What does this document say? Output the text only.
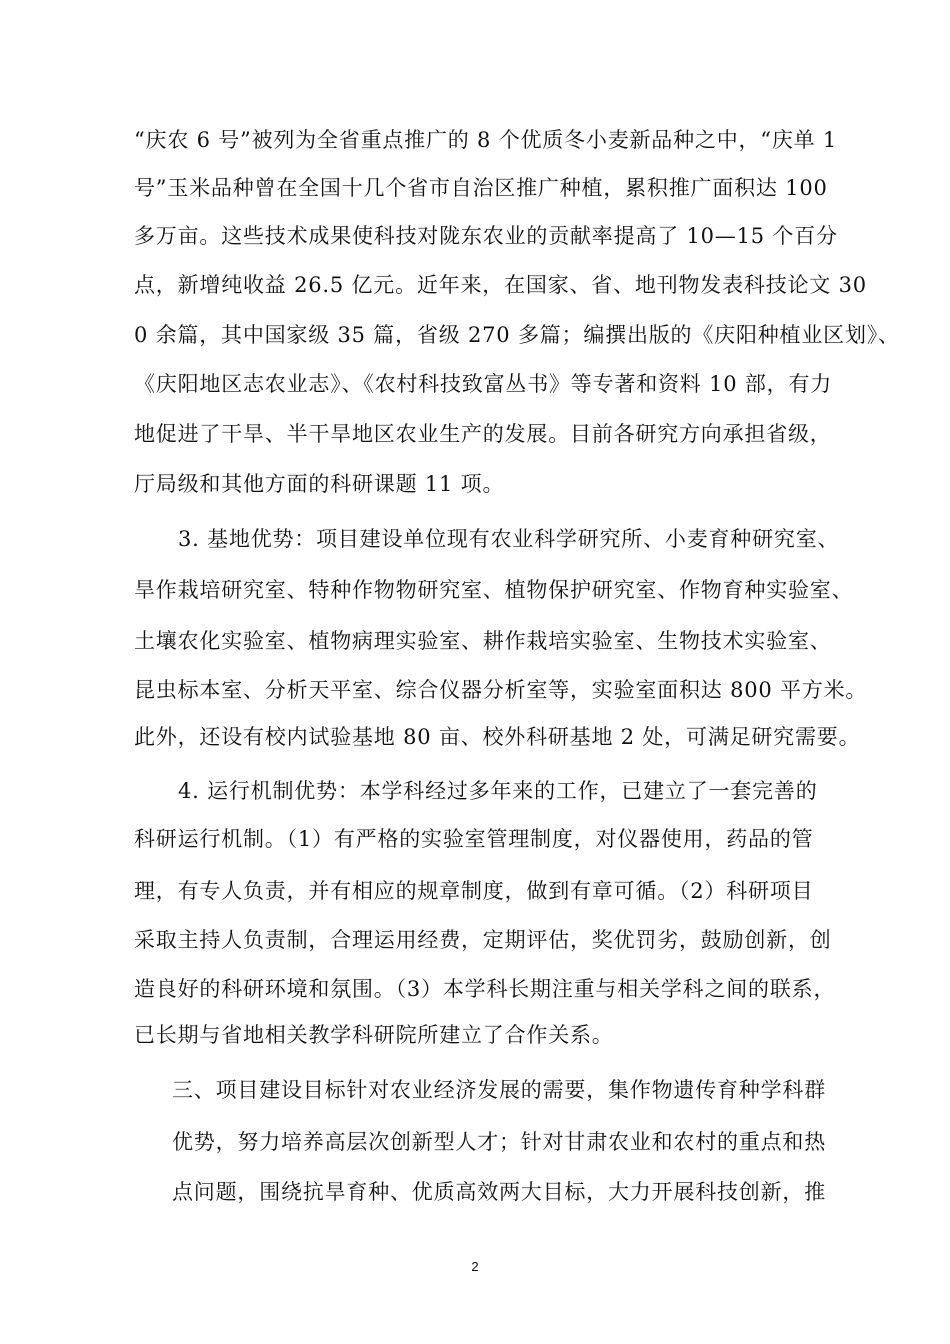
“庆农 6 号”被列为全省重点推广的 8 个优质冬小麦新品种之中，“庆单 1
号”玉米品种曾在全国十几个省市自治区推广种植，累积推广面积达 100
多万亩。这些技术成果使科技对陇东农业的贡献率提高了 10—15 个百分
点，新增纯收益 26.5 亿元。近年来，在国家、省、地刊物发表科技论文 30
0 余篇，其中国家级 35 篇，省级 270 多篇；编撰出版的《庆阳种植业区划》、
《庆阳地区志农业志》、《农村科技致富丛书》等专著和资料 10 部，有力
地促进了干旱、半干旱地区农业生产的发展。目前各研究方向承担省级，
厅局级和其他方面的科研课题 11 项。
3. 基地优势：项目建设单位现有农业科学研究所、小麦育种研究室、
旱作栽培研究室、特种作物物研究室、植物保护研究室、作物育种实验室、
土壤农化实验室、植物病理实验室、耕作栽培实验室、生物技术实验室、
昆虫标本室、分析天平室、综合仪器分析室等，实验室面积达 800 平方米。
此外，还设有校内试验基地 80 亩、校外科研基地 2 处，可满足研究需要。
4. 运行机制优势：本学科经过多年来的工作，已建立了一套完善的
科研运行机制。（1）有严格的实验室管理制度，对仪器使用，药品的管
理，有专人负责，并有相应的规章制度，做到有章可循。（2）科研项目
采取主持人负责制，合理运用经费，定期评估，奖优罚劣，鼓励创新，创
造良好的科研环境和氛围。（3）本学科长期注重与相关学科之间的联系，
已长期与省地相关教学科研院所建立了合作关系。
三、项目建设目标针对农业经济发展的需要，集作物遗传育种学科群
优势，努力培养高层次创新型人才；针对甘肃农业和农村的重点和热
点问题，围绕抗旱育种、优质高效两大目标，大力开展科技创新，推
2
